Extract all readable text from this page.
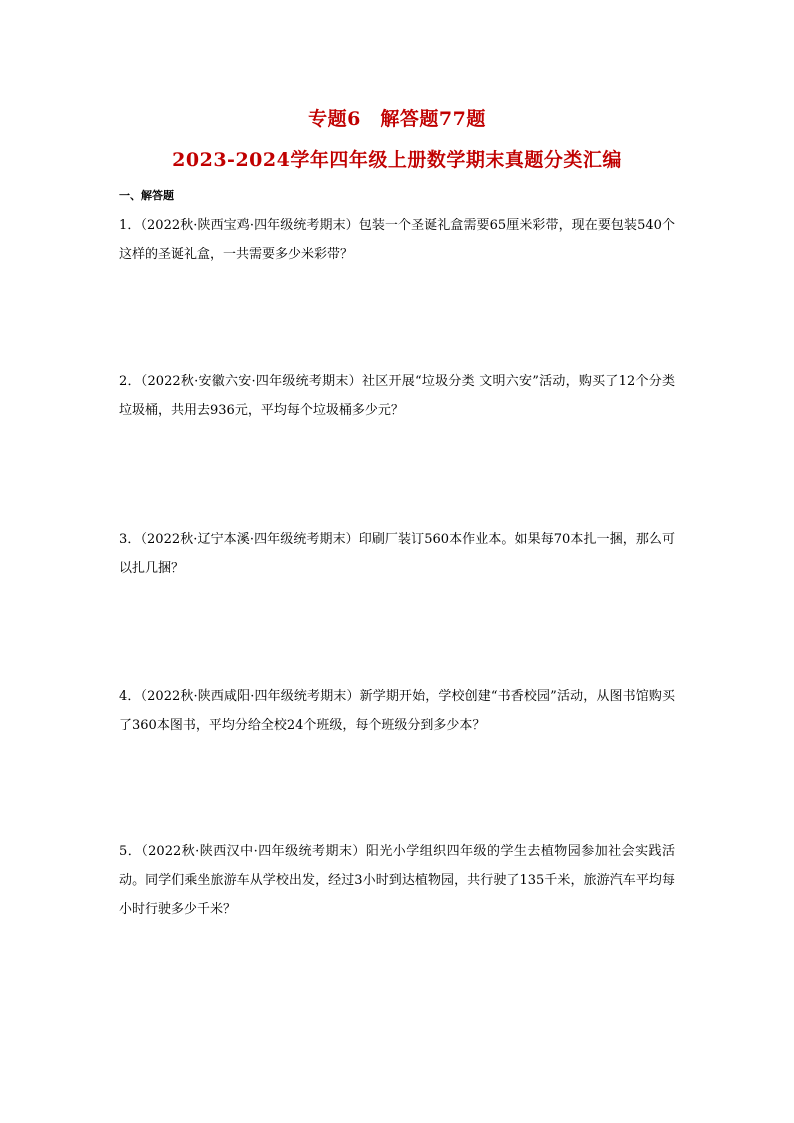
专题6　解答题77题
2023-2024学年四年级上册数学期末真题分类汇编
一、解答题
1．（2022秋·陕西宝鸡·四年级统考期末）包装一个圣诞礼盒需要65厘米彩带，现在要包装540个这样的圣诞礼盒，一共需要多少米彩带？
2．（2022秋·安徽六安·四年级统考期末）社区开展“垃圾分类 文明六安”活动，购买了12个分类垃圾桶，共用去936元，平均每个垃圾桶多少元？
3．（2022秋·辽宁本溪·四年级统考期末）印刷厂装订560本作业本。如果每70本扎一捆，那么可以扎几捆？
4．（2022秋·陕西咸阳·四年级统考期末）新学期开始，学校创建“书香校园”活动，从图书馆购买了360本图书，平均分给全校24个班级，每个班级分到多少本？
5．（2022秋·陕西汉中·四年级统考期末）阳光小学组织四年级的学生去植物园参加社会实践活动。同学们乘坐旅游车从学校出发，经过3小时到达植物园，共行驶了135千米，旅游汽车平均每小时行驶多少千米？
